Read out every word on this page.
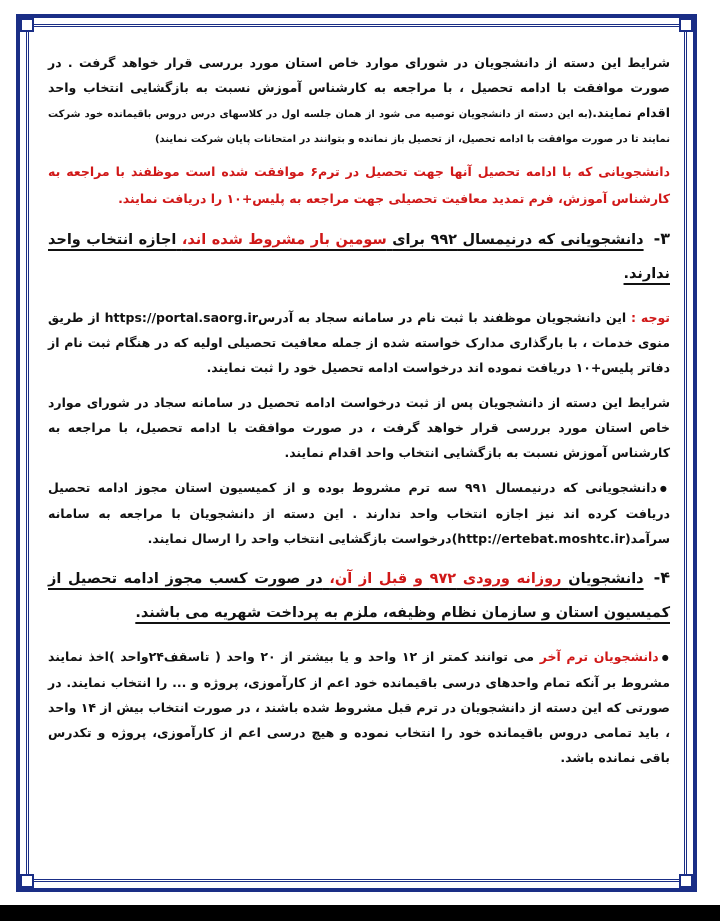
شرایط این دسته از دانشجویان در شورای موارد خاص استان مورد بررسی قرار خواهد گرفت . در صورت موافقت با ادامه تحصیل ، با مراجعه به کارشناس آموزش نسبت به بازگشایی انتخاب واحد اقدام نمایند.(به این دسته از دانشجویان توصیه می شود از همان جلسه اول در کلاسهای درس دروس باقیمانده خود شرکت نمایند تا در صورت موافقت با ادامه تحصیل، از تحصیل باز نمانده و بتوانند در امتحانات پایان شرکت نمایند)

دانشجویانی که با ادامه تحصیل آنها جهت تحصیل در ترم۶ موافقت شده است موظفند با مراجعه به کارشناس آموزش، فرم تمدید معافیت تحصیلی جهت مراجعه به پلیس+۱۰ را دریافت نمایند.

۳-دانشجویانی که درنیمسال ۹۹۲ برای سومین بار مشروط شده اند، اجازه انتخاب واحد ندارند.

توجه : این دانشجویان موظفند با ثبت نام در سامانه سجاد به آدرسhttps://portal.saorg.ir از طریق منوی خدمات ، با بارگذاری مدارک خواسته شده از جمله معافیت تحصیلی اولیه که در هنگام ثبت نام از دفاتر پلیس+۱۰ دریافت نموده اند درخواست ادامه تحصیل خود را ثبت نمایند.

شرایط این دسته از دانشجویان پس از ثبت درخواست ادامه تحصیل در سامانه سجاد در شورای موارد خاص استان مورد بررسی قرار خواهد گرفت ، در صورت موافقت با ادامه تحصیل، با مراجعه به کارشناس آموزش نسبت به بازگشایی انتخاب واحد اقدام نمایند.

●دانشجویانی که درنیمسال ۹۹۱ سه ترم مشروط بوده و از کمیسیون استان مجوز ادامه تحصیل دریافت کرده اند نیز اجازه انتخاب واحد ندارند . این دسته از دانشجویان با مراجعه به سامانه سرآمد(http://ertebat.moshtc.ir)درخواست بازگشایی انتخاب واحد را ارسال نمایند.

۴-دانشجویان روزانه ورودی ۹۷۲ و قبل از آن، در صورت کسب مجوز ادامه تحصیل از کمیسیون استان و سازمان نظام وظیفه، ملزم به پرداخت شهریه می باشند.

●دانشجویان ترم آخر می توانند کمتر از ۱۲ واحد و یا بیشتر از ۲۰ واحد ( تاسقف۲۴واحد )اخذ نمایند مشروط بر آنکه تمام واحدهای درسی باقیمانده خود اعم از کارآموزی، پروژه و ... را انتخاب نمایند. در صورتی که این دسته از دانشجویان در ترم قبل مشروط شده باشند ، در صورت انتخاب بیش از ۱۴ واحد ، باید تمامی دروس باقیمانده خود را انتخاب نموده و هیچ درسی اعم از کارآموزی، پروژه و تکدرس باقی نمانده باشد.
